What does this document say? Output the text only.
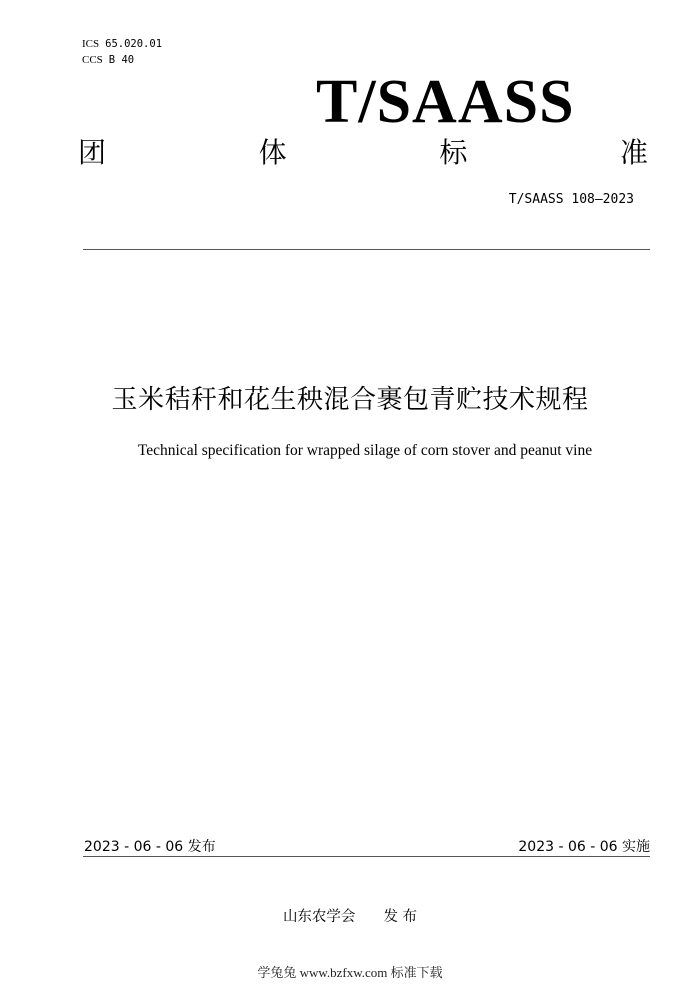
ICS 65.020.01
CCS B 40
T/SAASS
团	体	标	准
T/SAASS 108—2023
玉米秸秆和花生秧混合裹包青贮技术规程
Technical specification for wrapped silage of corn stover and peanut vine
2023 - 06 - 06 发布	2023 - 06 - 06 实施
山东农学会 发 布
学兔兔 www.bzfxw.com 标准下载
